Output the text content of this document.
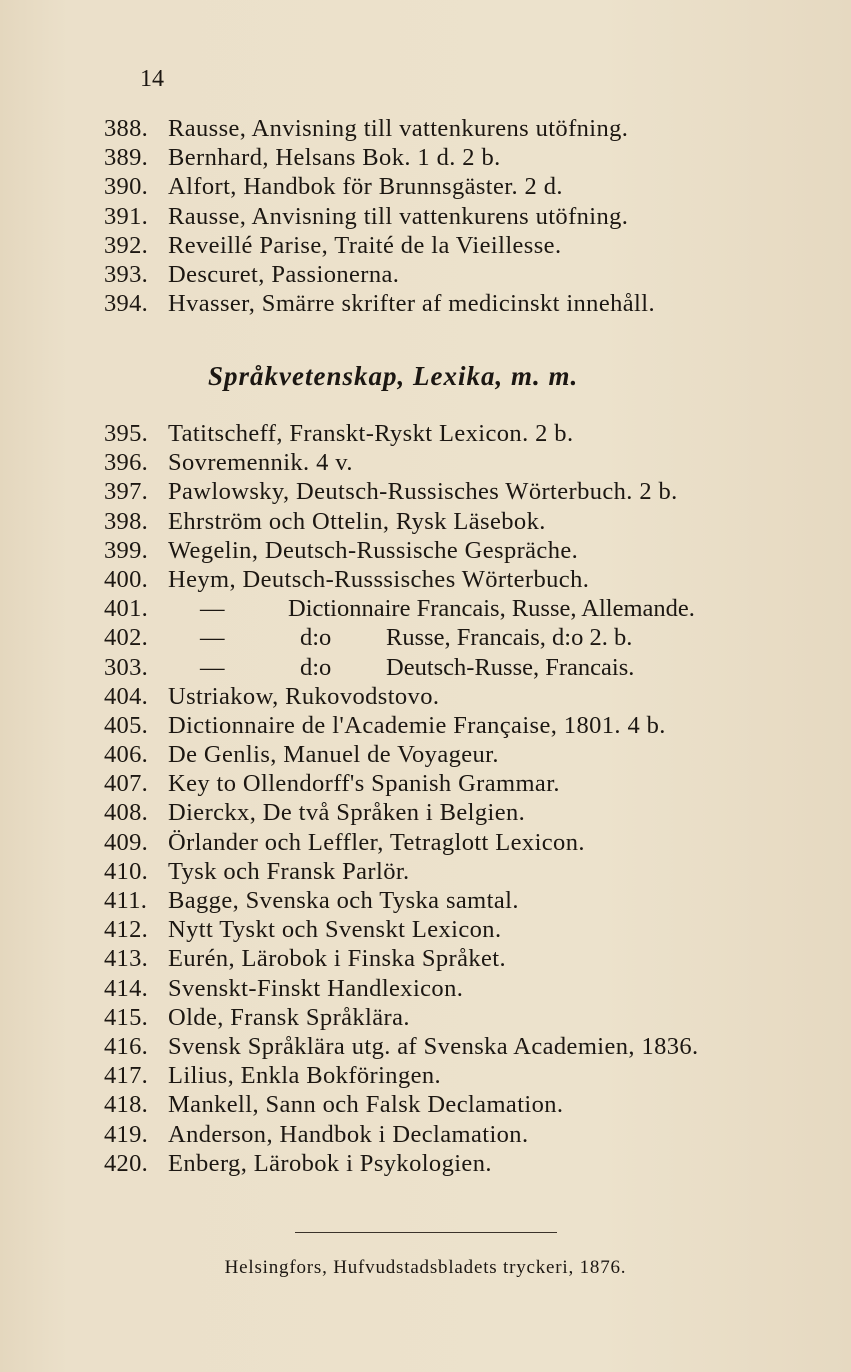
14
388. Rausse, Anvisning till vattenkurens utöfning.
389. Bernhard, Helsans Bok. 1 d. 2 b.
390. Alfort, Handbok för Brunnsgäster. 2 d.
391. Rausse, Anvisning till vattenkurens utöfning.
392. Reveillé Parise, Traité de la Vieillesse.
393. Descuret, Passionerna.
394. Hvasser, Smärre skrifter af medicinskt innehåll.
Språkvetenskap, Lexika, m. m.
395. Tatitscheff, Franskt-Ryskt Lexicon. 2 b.
396. Sovremennik. 4 v.
397. Pawlowsky, Deutsch-Russisches Wörterbuch. 2 b.
398. Ehrström och Ottelin, Rysk Läsebok.
399. Wegelin, Deutsch-Russische Gespräche.
400. Heym, Deutsch-Russsisches Wörterbuch.
401. —	Dictionnaire Francais, Russe, Allemande.
402. —	d:o Russe, Francais, d:o 2. b.
303. —	d:o Deutsch-Russe, Francais.
404. Ustriakow, Rukovodstovo.
405. Dictionnaire de l'Academie Française, 1801. 4 b.
406. De Genlis, Manuel de Voyageur.
407. Key to Ollendorff's Spanish Grammar.
408. Dierckx, De två Språken i Belgien.
409. Örlander och Leffler, Tetraglott Lexicon.
410. Tysk och Fransk Parlör.
411. Bagge, Svenska och Tyska samtal.
412. Nytt Tyskt och Svenskt Lexicon.
413. Eurén, Lärobok i Finska Språket.
414. Svenskt-Finskt Handlexicon.
415. Olde, Fransk Språklära.
416. Svensk Språklära utg. af Svenska Academien, 1836.
417. Lilius, Enkla Bokföringen.
418. Mankell, Sann och Falsk Declamation.
419. Anderson, Handbok i Declamation.
420. Enberg, Lärobok i Psykologien.
Helsingfors, Hufvudstadsbladets tryckeri, 1876.
